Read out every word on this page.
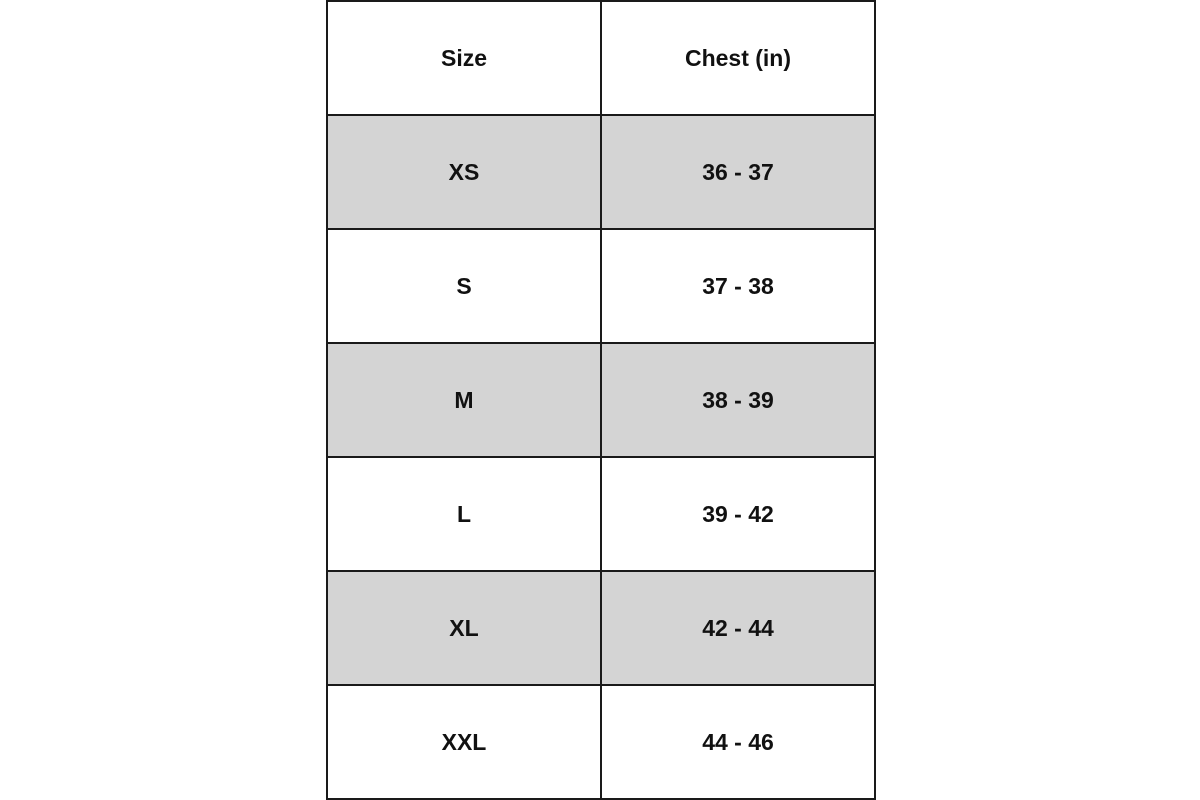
Size	Chest (in)
XS	36 - 37
S	37 - 38
M	38 - 39
L	39 - 42
XL	42 - 44
XXL	44 - 46
